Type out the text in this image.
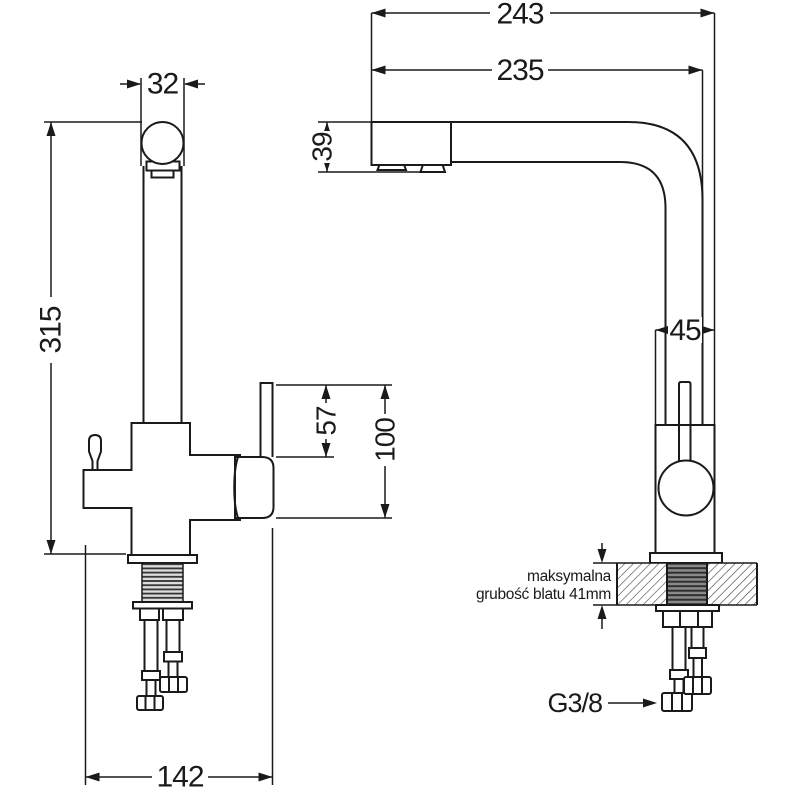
32
315
57 100
142
243
235
39
45
maksymalna
grubość blatu 41mm
G3/8
